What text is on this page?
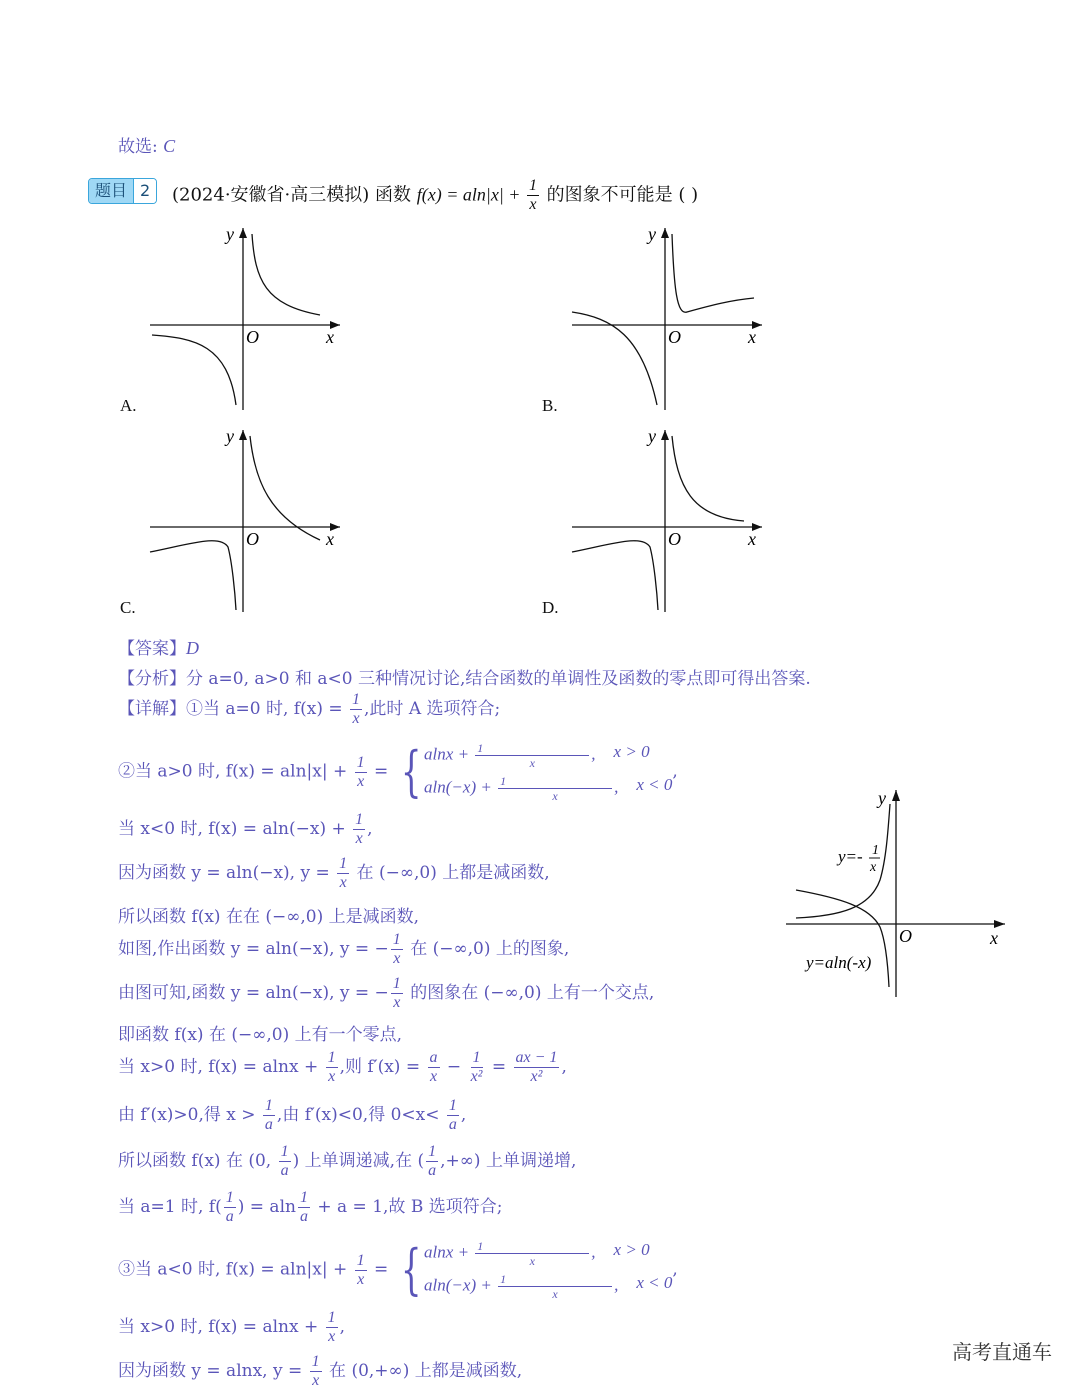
故选: C
题目 2	(2024·安徽省·高三模拟) 函数 $f(x) = aln|x| + \frac{1}{x}$ 的图象不可能是 ( )
y
O	x
A.
y
O	x
B.
y
O	x
C.
y
O	x
D.
【答案】D
【分析】分 a=0, a>0 和 a<0 三种情况讨论,结合函数的单调性及函数的零点即可得出答案.
【详解】①当 a=0 时, $f(x) = \frac{1}{x}$ ,此时 A 选项符合;
②当 a>0 时, $f(x) = aln|x| + \frac{1}{x}$ = { $alnx + \frac{1}{x}$ , x > 0
$aln(-x) + \frac{1}{x}$ , x < 0
,
当 x<0 时, $f(x) = aln(-x) + \frac{1}{x}$ ,
因为函数 y = aln(−x), $y = \frac{1}{x}$ 在 (−∞,0) 上都是减函数,
所以函数 f(x) 在在 (−∞,0) 上是减函数,
如图,作出函数 y = aln(−x), y = − $\frac{1}{x}$ 在 (−∞,0) 上的图象,
由图可知,函数 y = aln(−x), y = − $\frac{1}{x}$ 的图象在 (−∞,0) 上有一个交点,
即函数 f(x) 在 (−∞,0) 上有一个零点,
当 x>0 时, $f(x) = alnx + \frac{1}{x}$ ,则 $f'(x) = \frac{a}{x} - \frac{1}{\text{x²}} = \frac{ax - 1}{\text{x²}}$ ,
由 f′(x)>0,得 $x > \frac{1}{a}$ ,由 f′(x)<0,得 $0<x< \frac{1}{a}$ ,
所以函数 f(x) 在 (0, $\frac{1}{a}$ ) 上单调递减,在 ( $\frac{1}{a}$ ,+∞) 上单调递增,
当 a=1 时, $f( \frac{1}{a}$ ) = aln $\frac{1}{a} + a = 1$,故 B 选项符合;
③当 a<0 时, $f(x) = aln|x| + \frac{1}{x}$ = { $alnx + \frac{1}{x}$ , x > 0
$aln(-x) + \frac{1}{x}$ , x < 0
,
当 x>0 时, $f(x) = alnx + \frac{1}{x}$ ,
因为函数 y = alnx, $y = \frac{1}{x}$ 在 (0,+∞) 上都是减函数,
y
O	x
y=- 1
x
y=aln(-x)
高考直通车
